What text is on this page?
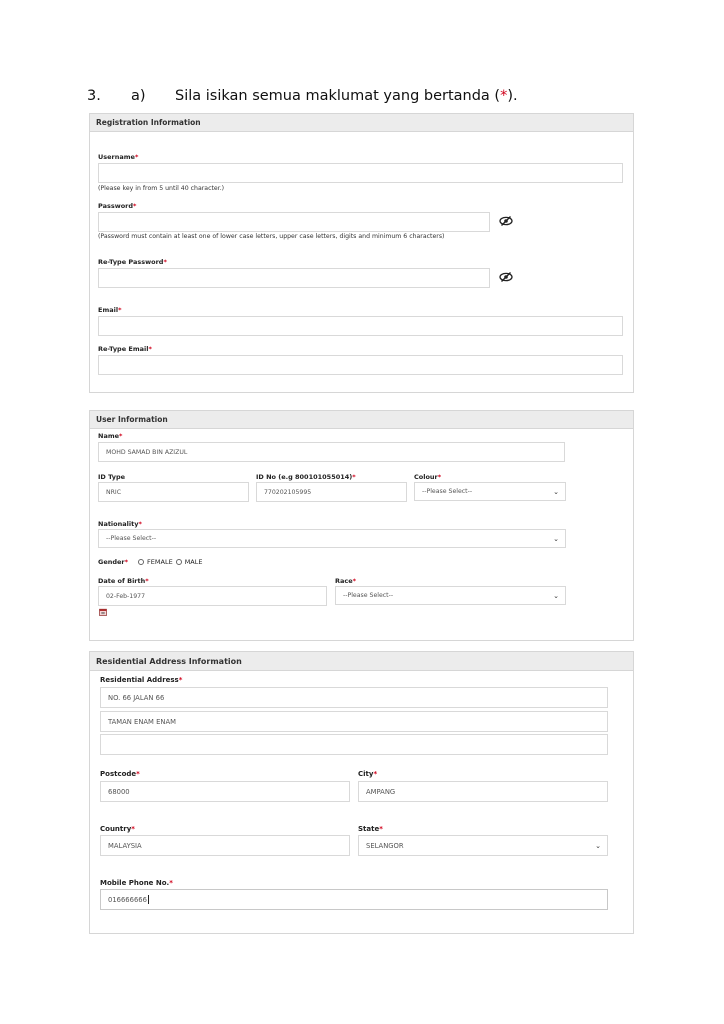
3. a) Sila isikan semua maklumat yang bertanda (*).
Registration Information
Username*
(Please key in from 5 until 40 character.)
Password*
(Password must contain at least one of lower case letters, upper case letters, digits and minimum 6 characters)
Re-Type Password*
Email*
Re-Type Email*
User Information
Name*
MOHD SAMAD BIN AZIZUL
ID Type
NRIC
ID No (e.g 800101055014)*
770202105995
Colour*
--Please Select--	⌄
Nationality*
--Please Select--	⌄
Gender*	FEMALE MALE
Date of Birth*
02-Feb-1977
Race*
--Please Select--	⌄
Residential Address Information
Residential Address*
NO. 66 JALAN 66
TAMAN ENAM ENAM
Postcode*
68000
City*
AMPANG
Country*
MALAYSIA
State*
SELANGOR	⌄
Mobile Phone No.*
016666666
